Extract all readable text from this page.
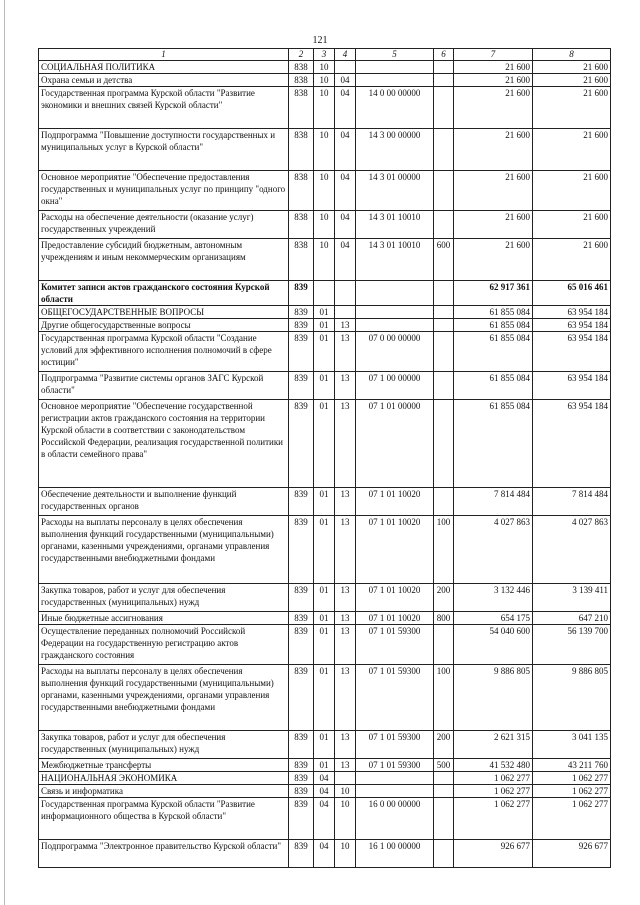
121
1	2	3	4	5	6	7	8
СОЦИАЛЬНАЯ ПОЛИТИКА	838	10				21 600	21 600
Охрана семьи и детства	838	10	04			21 600	21 600
Государственная программа Курской области "Развитие экономики и внешних связей Курской области"	838	10	04	14 0 00 00000		21 600	21 600
Подпрограмма "Повышение доступности государственных и муниципальных услуг в Курской области"	838	10	04	14 3 00 00000		21 600	21 600
Основное мероприятие "Обеспечение предоставления государственных и муниципальных услуг по принципу "одного окна"	838	10	04	14 3 01 00000		21 600	21 600
Расходы на обеспечение деятельности (оказание услуг) государственных учреждений	838	10	04	14 3 01 10010		21 600	21 600
Предоставление субсидий бюджетным, автономным учреждениям и иным некоммерческим организациям	838	10	04	14 3 01 10010	600	21 600	21 600
Комитет записи актов гражданского состояния Курской области	839					62 917 361	65 016 461
ОБЩЕГОСУДАРСТВЕННЫЕ ВОПРОСЫ	839	01				61 855 084	63 954 184
Другие общегосударственные вопросы	839	01	13			61 855 084	63 954 184
Государственная программа Курской области "Создание условий для эффективного исполнения полномочий в сфере юстиции"	839	01	13	07 0 00 00000		61 855 084	63 954 184
Подпрограмма "Развитие системы органов ЗАГС Курской области"	839	01	13	07 1 00 00000		61 855 084	63 954 184
Основное мероприятие "Обеспечение государственной регистрации актов гражданского состояния на территории Курской области в соответствии с законодательством Российской Федерации, реализация государственной политики в области семейного права"	839	01	13	07 1 01 00000		61 855 084	63 954 184
Обеспечение деятельности и выполнение функций государственных органов	839	01	13	07 1 01 10020		7 814 484	7 814 484
Расходы на выплаты персоналу в целях обеспечения выполнения функций государственными (муниципальными) органами, казенными учреждениями, органами управления государственными внебюджетными фондами	839	01	13	07 1 01 10020	100	4 027 863	4 027 863
Закупка товаров, работ и услуг для обеспечения государственных (муниципальных) нужд	839	01	13	07 1 01 10020	200	3 132 446	3 139 411
Иные бюджетные ассигнования	839	01	13	07 1 01 10020	800	654 175	647 210
Осуществление переданных полномочий Российской Федерации на государственную регистрацию актов гражданского состояния	839	01	13	07 1 01 59300		54 040 600	56 139 700
Расходы на выплаты персоналу в целях обеспечения выполнения функций государственными (муниципальными) органами, казенными учреждениями, органами управления государственными внебюджетными фондами	839	01	13	07 1 01 59300	100	9 886 805	9 886 805
Закупка товаров, работ и услуг для обеспечения государственных (муниципальных) нужд	839	01	13	07 1 01 59300	200	2 621 315	3 041 135
Межбюджетные трансферты	839	01	13	07 1 01 59300	500	41 532 480	43 211 760
НАЦИОНАЛЬНАЯ ЭКОНОМИКА	839	04				1 062 277	1 062 277
Связь и информатика	839	04	10			1 062 277	1 062 277
Государственная программа Курской области "Развитие информационного общества в Курской области"	839	04	10	16 0 00 00000		1 062 277	1 062 277
Подпрограмма "Электронное правительство Курской области"	839	04	10	16 1 00 00000		926 677	926 677
